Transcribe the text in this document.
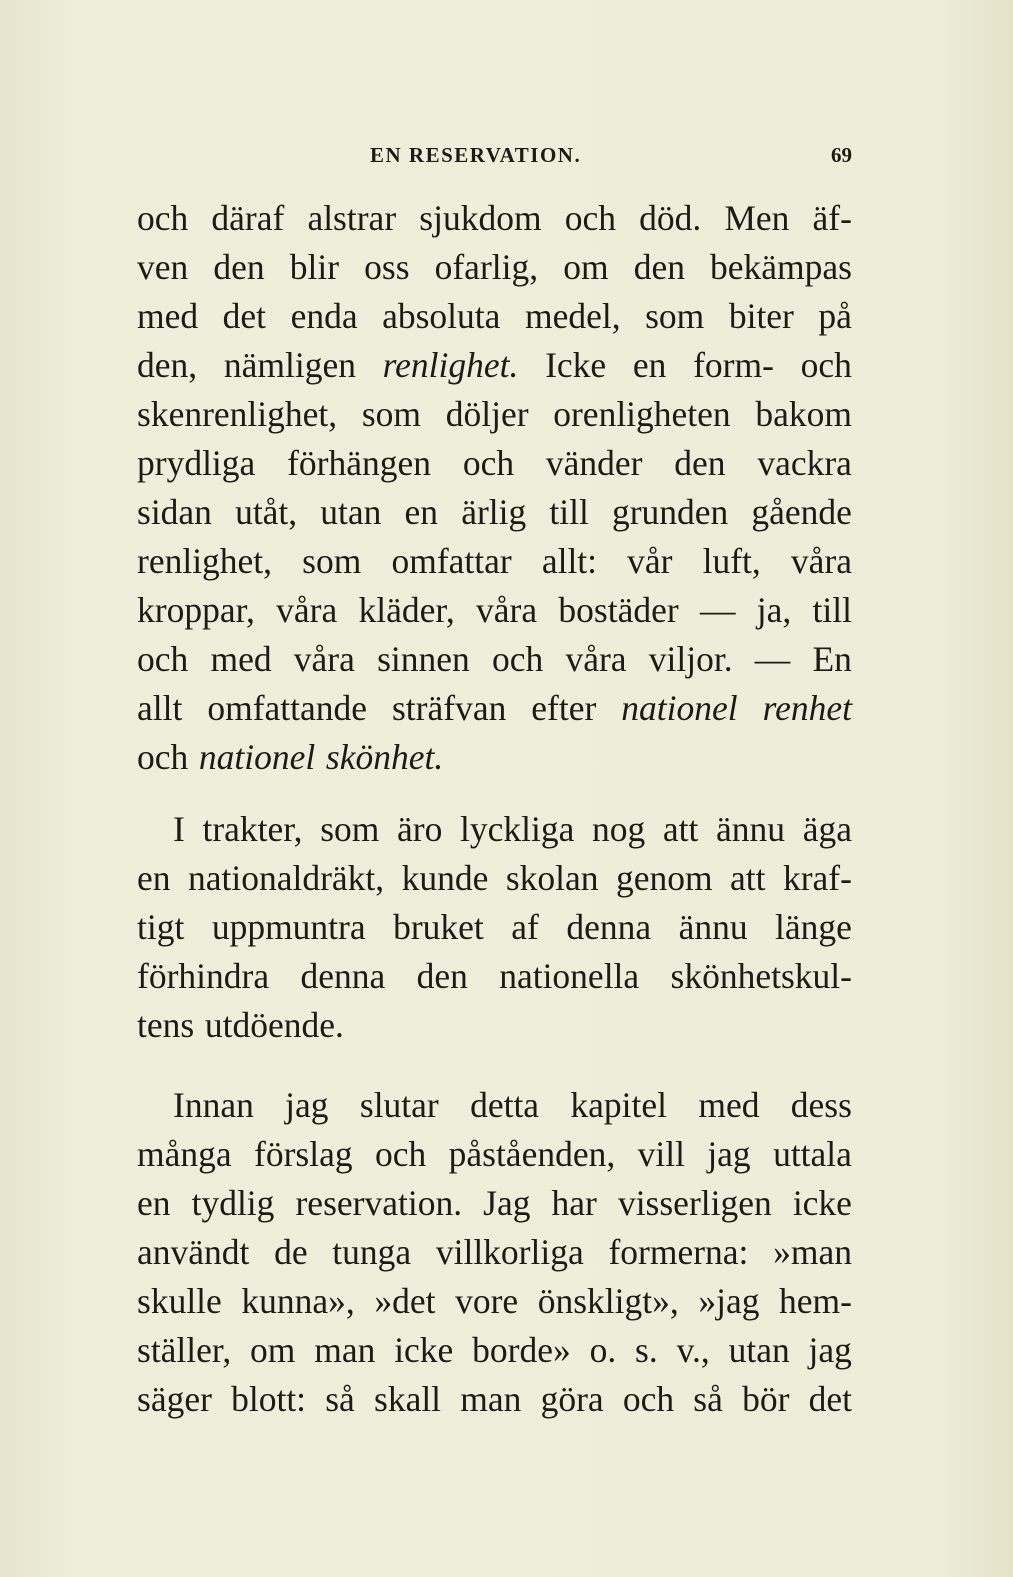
EN RESERVATION.	69
och däraf alstrar sjukdom och död. Men äf-
ven den blir oss ofarlig, om den bekämpas
med det enda absoluta medel, som biter på
den, nämligen renlighet. Icke en form- och
skenrenlighet, som döljer orenligheten bakom
prydliga förhängen och vänder den vackra
sidan utåt, utan en ärlig till grunden gående
renlighet, som omfattar allt: vår luft, våra
kroppar, våra kläder, våra bostäder — ja, till
och med våra sinnen och våra viljor. — En
allt omfattande sträfvan efter nationel renhet
och nationel skönhet.
I trakter, som äro lyckliga nog att ännu äga
en nationaldräkt, kunde skolan genom att kraf-
tigt uppmuntra bruket af denna ännu länge
förhindra denna den nationella skönhetskul-
tens utdöende.
Innan jag slutar detta kapitel med dess
många förslag och påståenden, vill jag uttala
en tydlig reservation. Jag har visserligen icke
användt de tunga villkorliga formerna: »man
skulle kunna», »det vore önskligt», »jag hem-
ställer, om man icke borde» o. s. v., utan jag
säger blott: så skall man göra och så bör det
